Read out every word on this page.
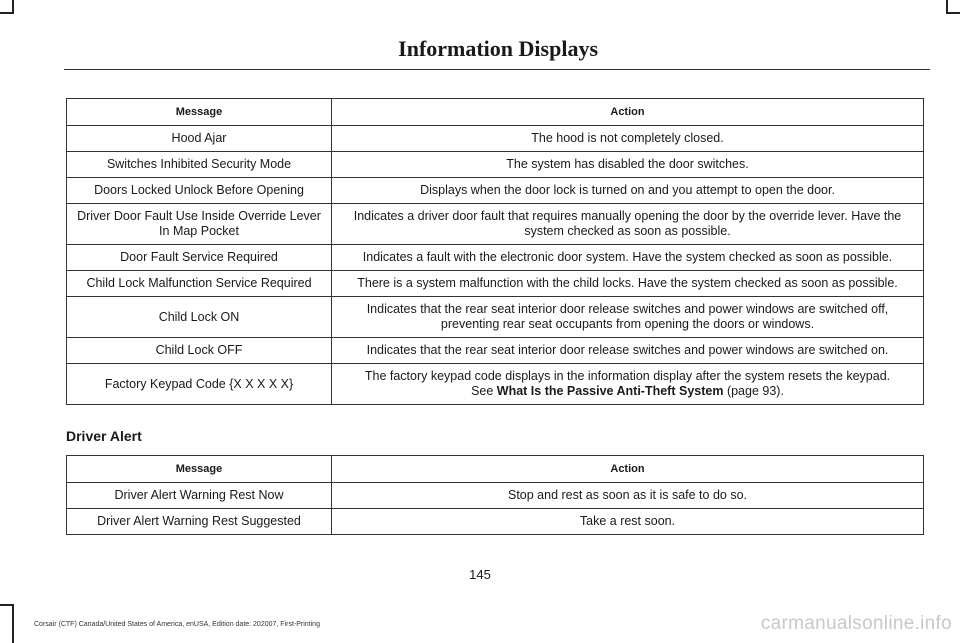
Information Displays
Message	Action
Hood Ajar	The hood is not completely closed.
Switches Inhibited Security Mode	The system has disabled the door switches.
Doors Locked Unlock Before Opening	Displays when the door lock is turned on and you attempt to open the door.
Driver Door Fault Use Inside Override Lever In Map Pocket	Indicates a driver door fault that requires manually opening the door by the override lever. Have the system checked as soon as possible.
Door Fault Service Required	Indicates a fault with the electronic door system. Have the system checked as soon as possible.
Child Lock Malfunction Service Required	There is a system malfunction with the child locks. Have the system checked as soon as possible.
Child Lock ON	Indicates that the rear seat interior door release switches and power windows are switched off, preventing rear seat occupants from opening the doors or windows.
Child Lock OFF	Indicates that the rear seat interior door release switches and power windows are switched on.
Factory Keypad Code {X X X X X}	The factory keypad code displays in the information display after the system resets the keypad.
See What Is the Passive Anti-Theft System (page 93).
Driver Alert
Message	Action
Driver Alert Warning Rest Now	Stop and rest as soon as it is safe to do so.
Driver Alert Warning Rest Suggested	Take a rest soon.
145
Corsair (CTF) Canada/United States of America, enUSA, Edition date: 202007, First-Printing	carmanualsonline.info
